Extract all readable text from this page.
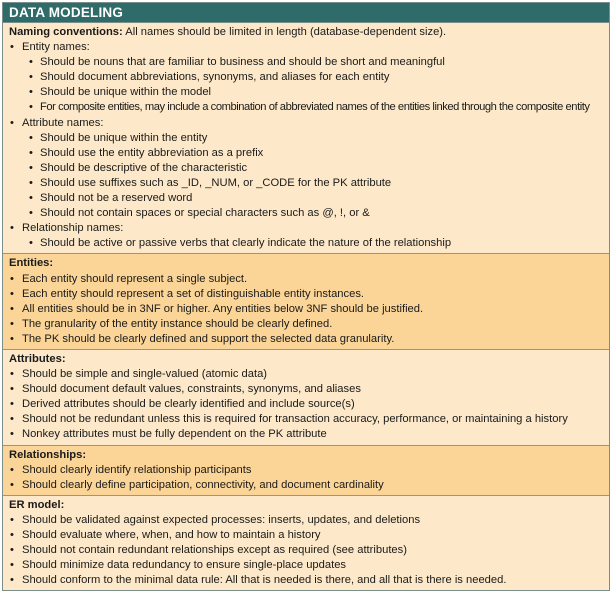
DATA MODELING
Naming conventions: All names should be limited in length (database-dependent size).
• Entity names:
• Should be nouns that are familiar to business and should be short and meaningful
• Should document abbreviations, synonyms, and aliases for each entity
• Should be unique within the model
• For composite entities, may include a combination of abbreviated names of the entities linked through the composite entity
• Attribute names:
• Should be unique within the entity
• Should use the entity abbreviation as a prefix
• Should be descriptive of the characteristic
• Should use suffixes such as _ID, _NUM, or _CODE for the PK attribute
• Should not be a reserved word
• Should not contain spaces or special characters such as @, !, or &
• Relationship names:
• Should be active or passive verbs that clearly indicate the nature of the relationship
Entities:
• Each entity should represent a single subject.
• Each entity should represent a set of distinguishable entity instances.
• All entities should be in 3NF or higher. Any entities below 3NF should be justified.
• The granularity of the entity instance should be clearly defined.
• The PK should be clearly defined and support the selected data granularity.
Attributes:
• Should be simple and single-valued (atomic data)
• Should document default values, constraints, synonyms, and aliases
• Derived attributes should be clearly identified and include source(s)
• Should not be redundant unless this is required for transaction accuracy, performance, or maintaining a history
• Nonkey attributes must be fully dependent on the PK attribute
Relationships:
• Should clearly identify relationship participants
• Should clearly define participation, connectivity, and document cardinality
ER model:
• Should be validated against expected processes: inserts, updates, and deletions
• Should evaluate where, when, and how to maintain a history
• Should not contain redundant relationships except as required (see attributes)
• Should minimize data redundancy to ensure single-place updates
• Should conform to the minimal data rule: All that is needed is there, and all that is there is needed.
